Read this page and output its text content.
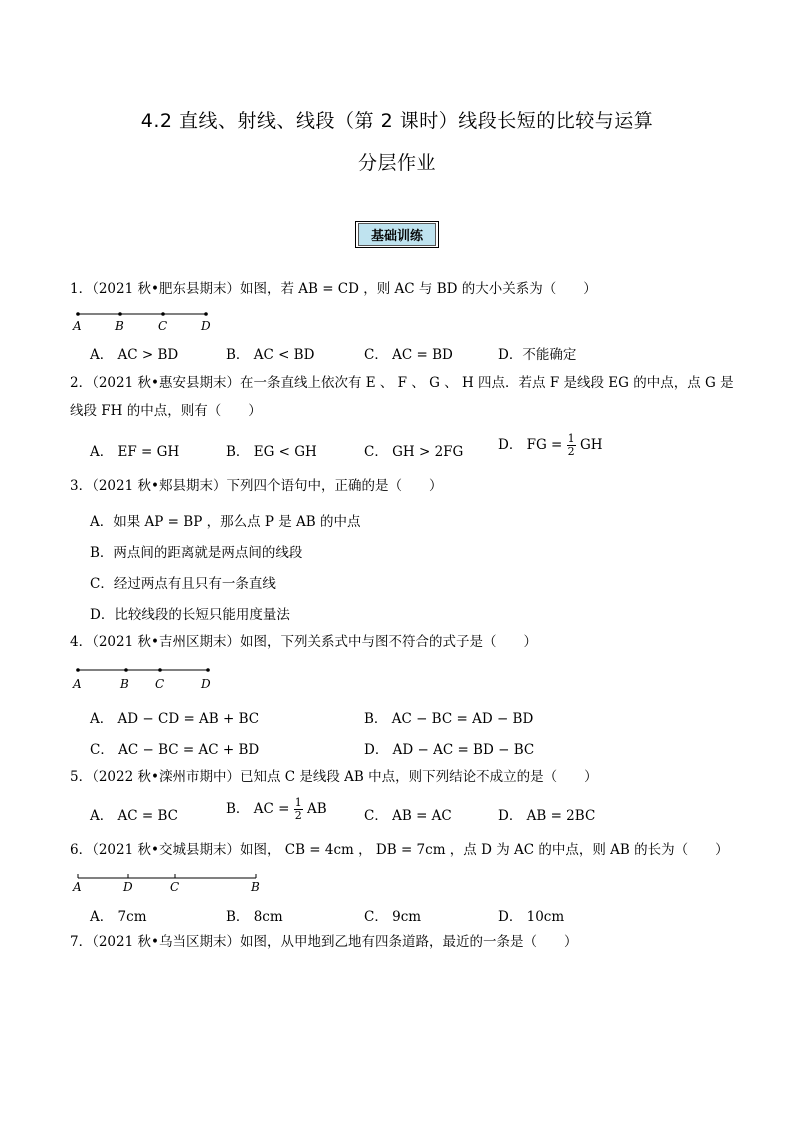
4.2 直线、射线、线段（第 2 课时）线段长短的比较与运算
分层作业
基础训练
1．（2021 秋•肥东县期末）如图，若 AB = CD ，则 AC 与 BD 的大小关系为（　　）
A	B	C	D
A． AC > BD	B． AC < BD	C． AC = BD	D．不能确定
2．（2021 秋•惠安县期末）在一条直线上依次有 E 、 F 、 G 、 H 四点．若点 F 是线段 EG 的中点，点 G 是
线段 FH 的中点，则有（　　）
A． EF = GH	B． EG < GH	C． GH > 2FG	D． FG = $\frac{1}{2}$ GH
3．（2021 秋•郏县期末）下列四个语句中，正确的是（　　）
A．如果 AP = BP ，那么点 P 是 AB 的中点
B．两点间的距离就是两点间的线段
C．经过两点有且只有一条直线
D．比较线段的长短只能用度量法
4．（2021 秋•吉州区期末）如图，下列关系式中与图不符合的式子是（　　）
A	B C	D
A． AD − CD = AB + BC	B． AC − BC = AD − BD
C． AC − BC = AC + BD	D． AD − AC = BD − BC
5．（2022 秋•滦州市期中）已知点 C 是线段 AB 中点，则下列结论不成立的是（　　）
A． AC = BC	B． AC = $\frac{1}{2}$ AB	C． AB = AC	D． AB = 2BC
6．（2021 秋•交城县期末）如图， CB = 4cm ， DB = 7cm ，点 D 为 AC 的中点，则 AB 的长为（　　）
A	D	C	B
A． 7cm	B． 8cm	C． 9cm	D． 10cm
7．（2021 秋•乌当区期末）如图，从甲地到乙地有四条道路，最近的一条是（　　）
